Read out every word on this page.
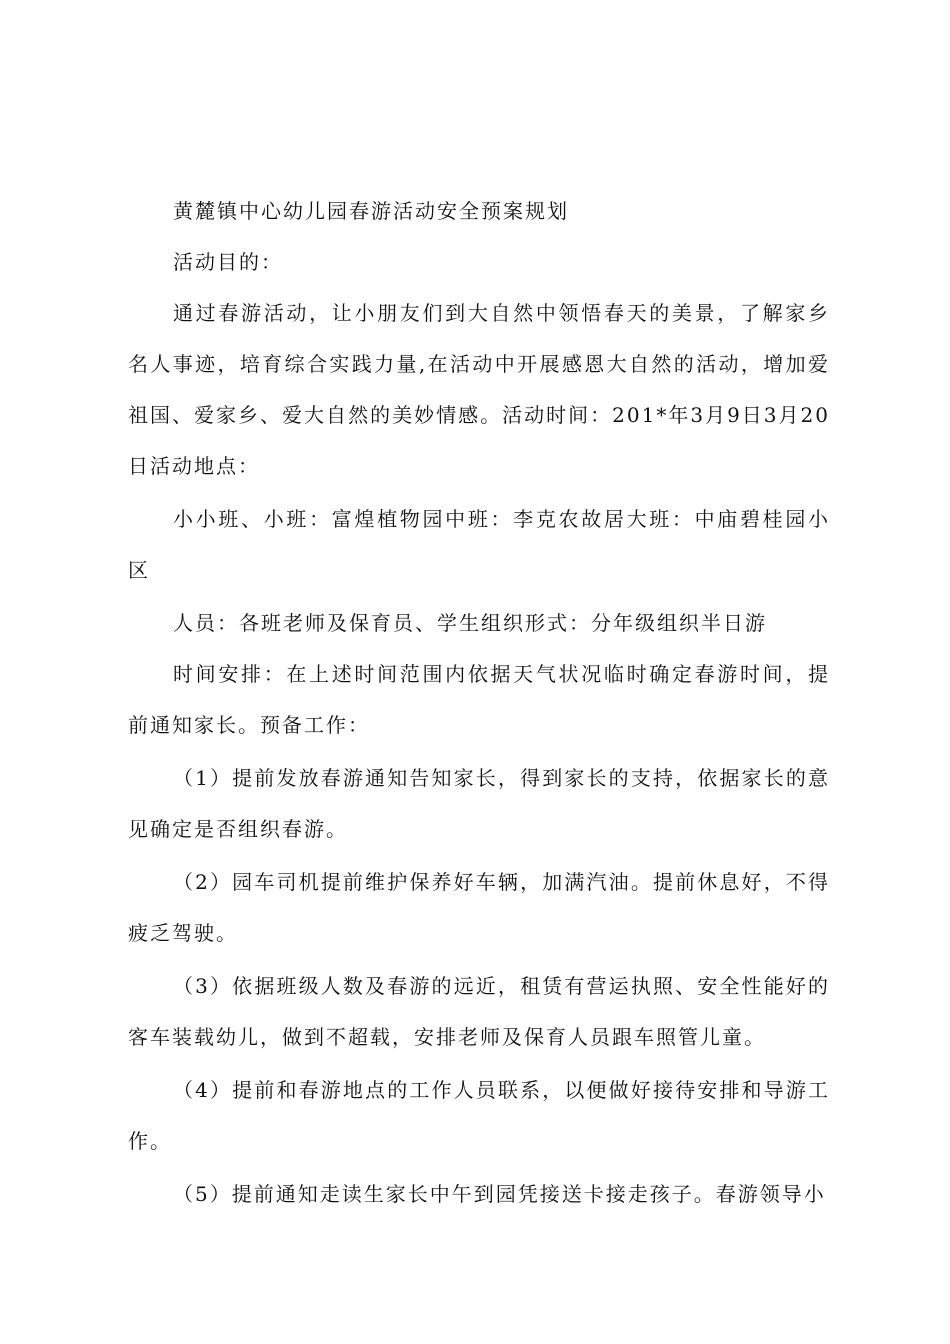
黄麓镇中心幼儿园春游活动安全预案规划

活动目的：

通过春游活动，让小朋友们到大自然中领悟春天的美景，了解家乡名人事迹，培育综合实践力量,在活动中开展感恩大自然的活动，增加爱祖国、爱家乡、爱大自然的美妙情感。活动时间：201*年3月9日3月20日活动地点：

小小班、小班：富煌植物园中班：李克农故居大班：中庙碧桂园小区

人员：各班老师及保育员、学生组织形式：分年级组织半日游

时间安排：在上述时间范围内依据天气状况临时确定春游时间，提前通知家长。预备工作：

（1）提前发放春游通知告知家长，得到家长的支持，依据家长的意见确定是否组织春游。

（2）园车司机提前维护保养好车辆，加满汽油。提前休息好，不得疲乏驾驶。

（3）依据班级人数及春游的远近，租赁有营运执照、安全性能好的客车装载幼儿，做到不超载，安排老师及保育人员跟车照管儿童。

（4）提前和春游地点的工作人员联系，以便做好接待安排和导游工作。

（5）提前通知走读生家长中午到园凭接送卡接走孩子。春游领导小
